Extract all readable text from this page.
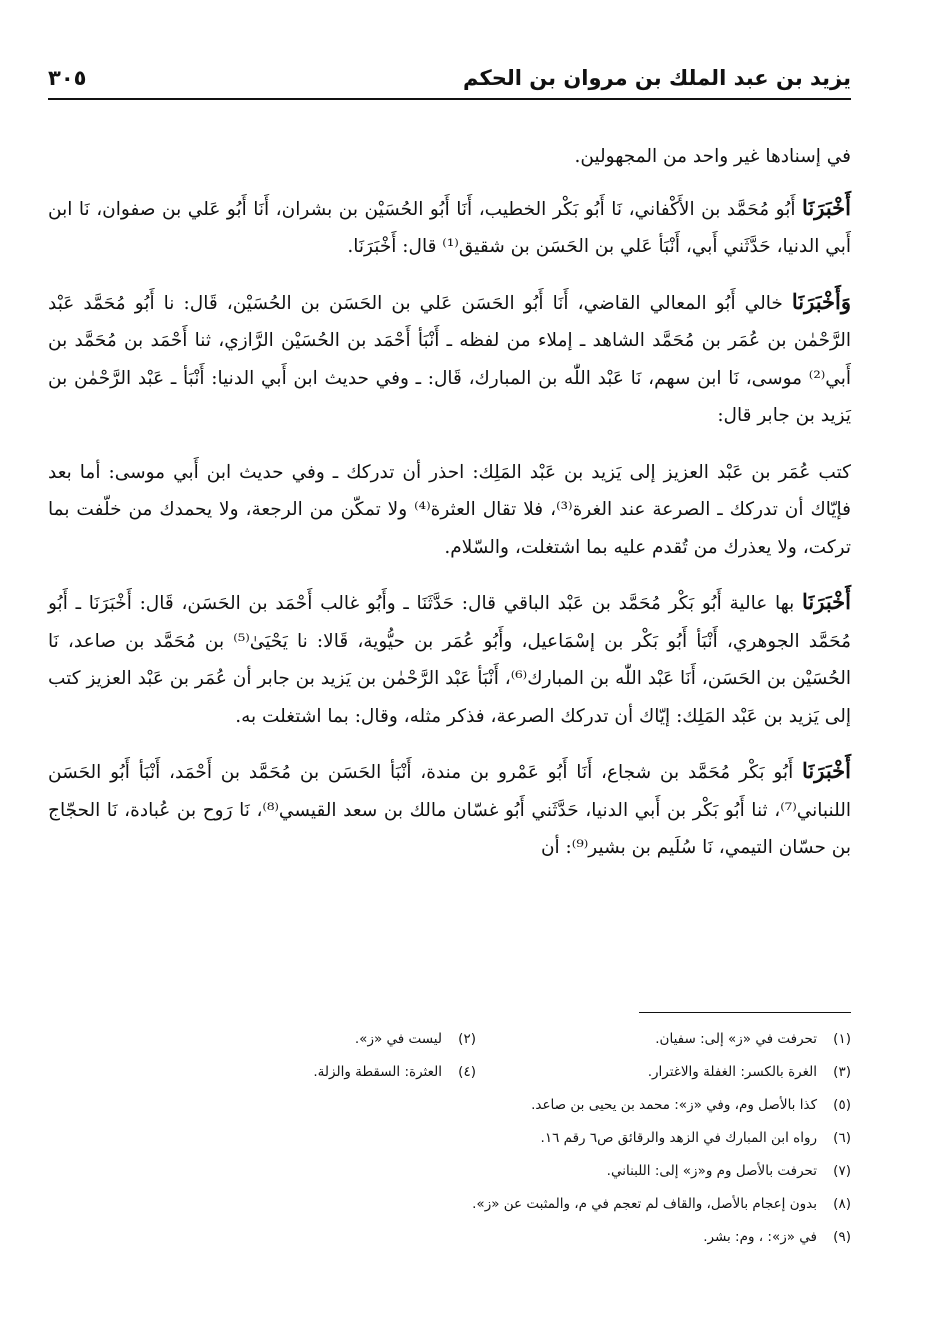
يزيد بن عبد الملك بن مروان بن الحكم
٣٠٥

في إسنادها غير واحد من المجهولين.

أَخْبَرَنَا أَبُو مُحَمَّد بن الأَكْفاني، نَا أَبُو بَكْر الخطيب، أَنَا أَبُو الحُسَيْن بن بشران، أَنَا أَبُو عَلي بن صفوان، نَا ابن أَبي الدنيا، حَدَّثَني أَبي، أَنْبَأ عَلي بن الحَسَن بن شقيق⁽¹⁾ قال: أَخْبَرَنَا.

وَأَخْبَرَنَا خالي أَبُو المعالي القاضي، أَنَا أَبُو الحَسَن عَلي بن الحَسَن بن الحُسَيْن، قَال: نا أَبُو مُحَمَّد عَبْد الرَّحْمٰن بن عُمَر بن مُحَمَّد الشاهد ـ إملاء من لفظه ـ أَنْبَأ أَحْمَد بن الحُسَيْن الرَّازي، ثنا أَحْمَد بن مُحَمَّد بن أَبي⁽²⁾ موسى، نَا ابن سهم، نَا عَبْد اللّٰه بن المبارك، قَال: ـ وفي حديث ابن أَبي الدنيا: أَنْبَأ ـ عَبْد الرَّحْمٰن بن يَزيد بن جابر قال:

كتب عُمَر بن عَبْد العزيز إلى يَزيد بن عَبْد المَلِك: احذر أن تدركك ـ وفي حديث ابن أَبي موسى: أما بعد فإيّاك أن تدركك ـ الصرعة عند الغرة⁽³⁾، فلا تقال العثرة⁽⁴⁾ ولا تمكّن من الرجعة، ولا يحمدك من خلّفت بما تركت، ولا يعذرك من تُقدم عليه بما اشتغلت، والسّلام.

أَخْبَرَنَا بها عالية أَبُو بَكْر مُحَمَّد بن عَبْد الباقي قال: حَدَّثَنَا ـ وأَبُو غالب أَحْمَد بن الحَسَن، قَال: أَخْبَرَنَا ـ أَبُو مُحَمَّد الجوهري، أَنْبَأ أَبُو بَكْر بن إسْمَاعيل، وأَبُو عُمَر بن حيُّوية، قَالا: نا يَحْيَىٰ⁽⁵⁾ بن مُحَمَّد بن صاعد، نَا الحُسَيْن بن الحَسَن، أَنَا عَبْد اللّٰه بن المبارك⁽⁶⁾، أَنْبَأ عَبْد الرَّحْمٰن بن يَزيد بن جابر أن عُمَر بن عَبْد العزيز كتب إلى يَزيد بن عَبْد المَلِك: إيّاك أن تدركك الصرعة، فذكر مثله، وقال: بما اشتغلت به.

أَخْبَرَنَا أَبُو بَكْر مُحَمَّد بن شجاع، أَنَا أَبُو عَمْرو بن مندة، أَنْبَأ الحَسَن بن مُحَمَّد بن أَحْمَد، أَنْبَأ أَبُو الحَسَن اللنباني⁽⁷⁾، ثنا أَبُو بَكْر بن أَبي الدنيا، حَدَّثَني أَبُو غسّان مالك بن سعد القيسي⁽⁸⁾، نَا رَوح بن عُبادة، نَا الحجّاج بن حسّان التيمي، نَا سُلَيم بن بشير⁽⁹⁾: أن

(١)
تحرفت في «ز» إلى: سفيان.
(٢)
ليست في «ز».
(٣)
الغرة بالكسر: الغفلة والاغترار.
(٤)
العثرة: السقطة والزلة.
(٥)
كذا بالأصل وم، وفي «ز»: محمد بن يحيى بن صاعد.
(٦)
رواه ابن المبارك في الزهد والرقائق ص٦ رقم ١٦.
(٧)
تحرفت بالأصل وم و«ز» إلى: اللبناني.
(٨)
بدون إعجام بالأصل، والقاف لم تعجم في م، والمثبت عن «ز».
(٩)
في «ز»: ، وم: بشر.
